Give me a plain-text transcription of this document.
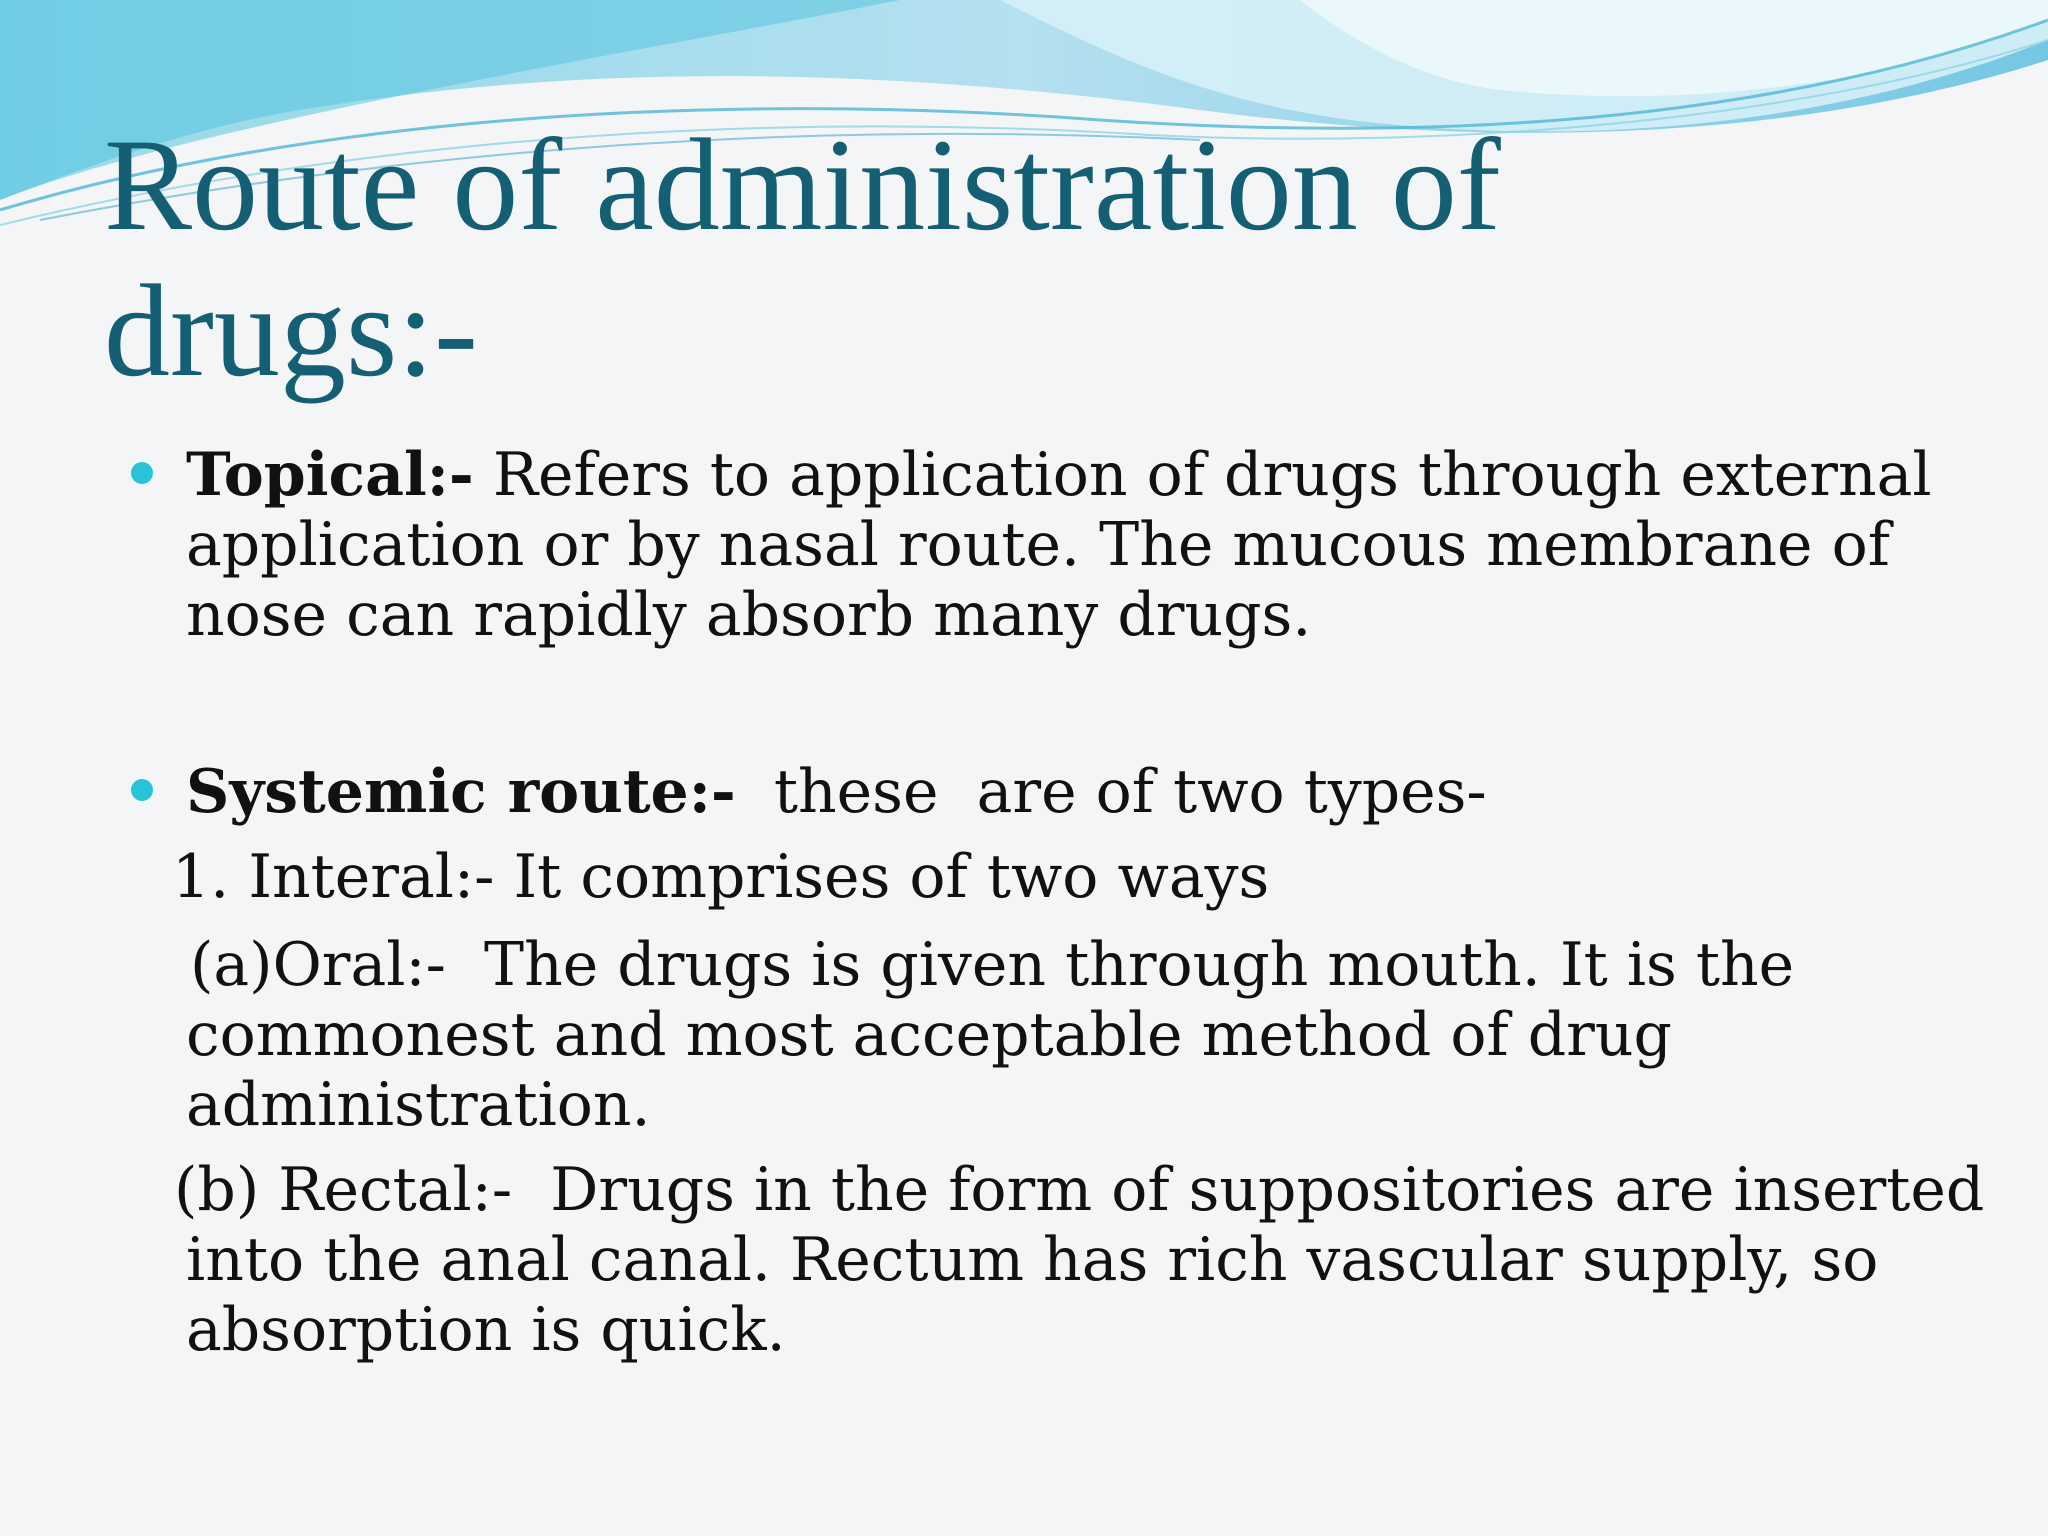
Route of administration of
drugs:-
Topical:- Refers to application of drugs through external
application or by nasal route. The mucous membrane of
nose can rapidly absorb many drugs.
Systemic route:-  these  are of two types-
1. Interal:- It comprises of two ways
(a)Oral:-  The drugs is given through mouth. It is the
commonest and most acceptable method of drug
administration.
(b) Rectal:-  Drugs in the form of suppositories are inserted
into the anal canal. Rectum has rich vascular supply, so
absorption is quick.
